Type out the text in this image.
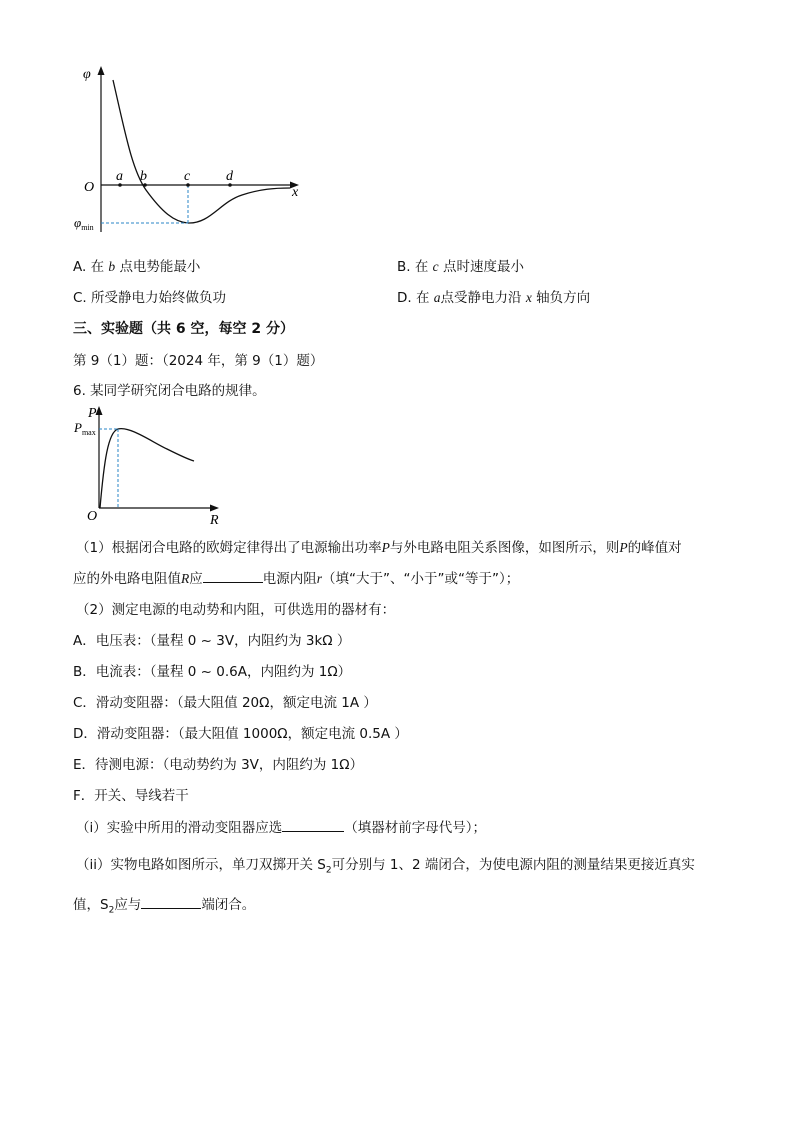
φ
O	x
a b	c	d
$\varphi_{min}$
A. 在 b 点电势能最小	B. 在 c 点时速度最小
C. 所受静电力始终做负功	D. 在 a点受静电力沿 x 轴负方向
三、实验题（共 6 空，每空 2 分）
第 9（1）题：（2024 年，第 9（1）题）
6. 某同学研究闭合电路的规律。
P
$P_{max}$
O	R
（1）根据闭合电路的欧姆定律得出了电源输出功率P与外电路电阻关系图像，如图所示，则P的峰值对
应的外电路电阻值R应	电源内阻r（填“大于”、“小于”或“等于”）；
（2）测定电源的电动势和内阻，可供选用的器材有：
A．电压表：（量程 0 ~ 3V，内阻约为 3kΩ ）
B．电流表：（量程 0 ~ 0.6A，内阻约为 1Ω）
C．滑动变阻器：（最大阻值 20Ω，额定电流 1A ）
D．滑动变阻器：（最大阻值 1000Ω，额定电流 0.5A ）
E．待测电源：（电动势约为 3V，内阻约为 1Ω）
F．开关、导线若干
（i）实验中所用的滑动变阻器应选	（填器材前字母代号）；
（ii）实物电路如图所示，单刀双掷开关 $S_2$可分别与 1、2 端闭合，为使电源内阻的测量结果更接近真实
值，$S_2$应与	端闭合。
